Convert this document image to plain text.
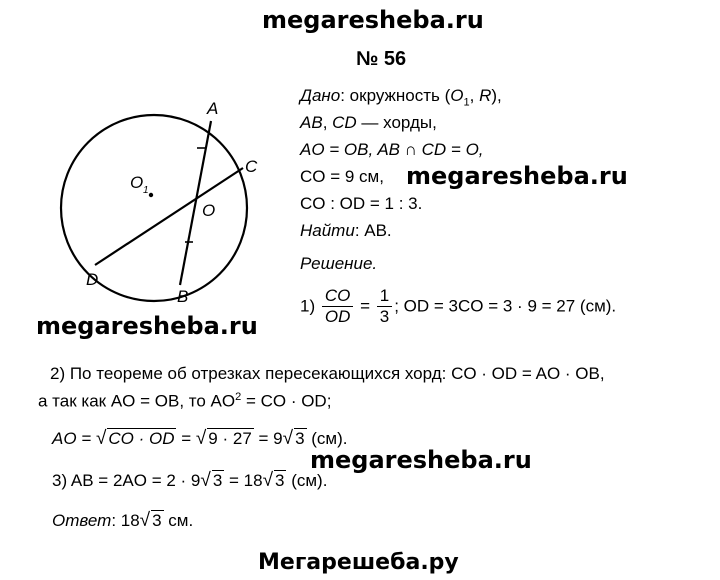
megaresheba.ru
megaresheba.ru
megaresheba.ru
megaresheba.ru
Мегарешеба.ру
№ 56
A
B
C
D
O
O 1
Дано: окружность ($O_1$, R),
AB, CD — хорды,
AO = OB, AB ∩ CD = O,
CO = 9 см,
CO : OD = 1 : 3.
Найти: AB.
Решение.
$1) \frac{CO}{OD} = \frac{1}{3}$ ; OD = 3CO = 3 · 9 = 27 (см).
2) По теореме об отрезках пересекающихся хорд: CO · OD = AO · OB,
а так как AO = OB, то $AO^2$ = CO · OD;
AO = √ CO · OD = √ 9 · 27 = 9√ 3 (см).
3) AB = 2AO = 2 · 9√ 3 = 18√ 3 (см).
Ответ: 18√ 3 см.
